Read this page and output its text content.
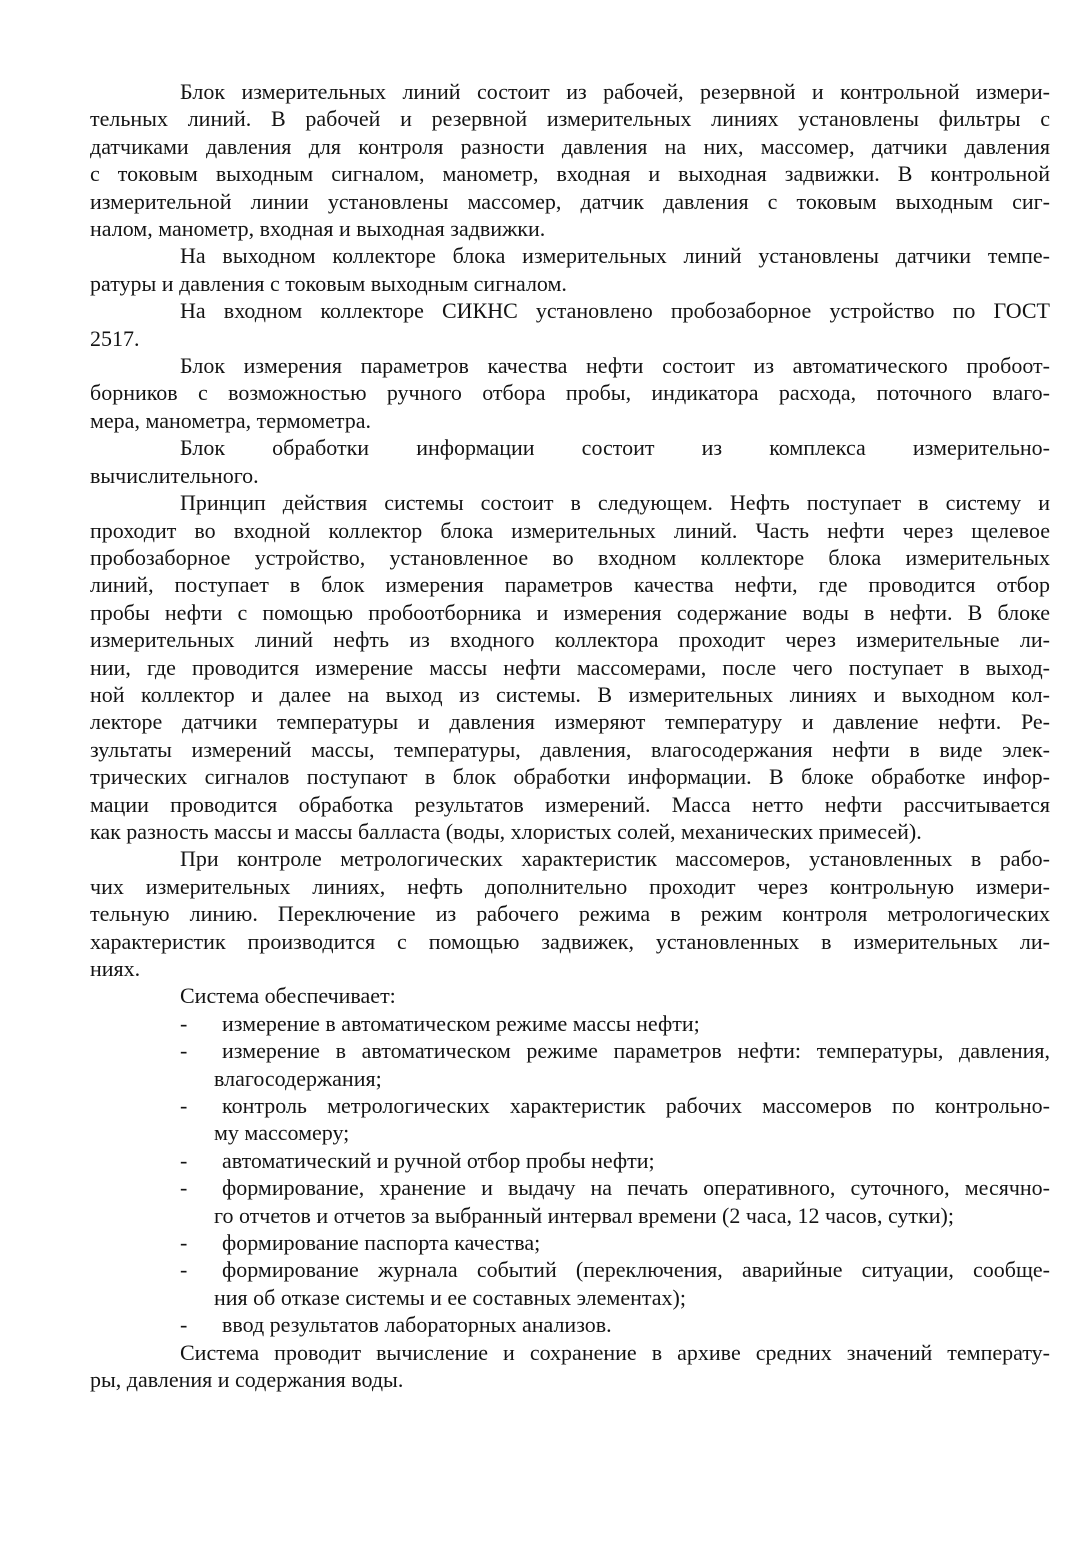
Блок измерительных линий состоит из рабочей, резервной и контрольной измери-
тельных линий. В рабочей и резервной измерительных линиях установлены фильтры с
датчиками давления для контроля разности давления на них, массомер, датчики давления
с токовым выходным сигналом, манометр, входная и выходная задвижки. В контрольной
измерительной линии установлены массомер, датчик давления с токовым выходным сиг-
налом, манометр, входная и выходная задвижки.
На выходном коллекторе блока измерительных линий установлены датчики темпе-
ратуры и давления с токовым выходным сигналом.
На входном коллекторе СИКНС установлено пробозаборное устройство по ГОСТ
2517.
Блок измерения параметров качества нефти состоит из автоматического пробоот-
борников с возможностью ручного отбора пробы, индикатора расхода, поточного влаго-
мера, манометра, термометра.
Блок обработки информации состоит из комплекса измерительно-
вычислительного.
Принцип действия системы состоит в следующем. Нефть поступает в систему и
проходит во входной коллектор блока измерительных линий. Часть нефти через щелевое
пробозаборное устройство, установленное во входном коллекторе блока измерительных
линий, поступает в блок измерения параметров качества нефти, где проводится отбор
пробы нефти с помощью пробоотборника и измерения содержание воды в нефти. В блоке
измерительных линий нефть из входного коллектора проходит через измерительные ли-
нии, где проводится измерение массы нефти массомерами, после чего поступает в выход-
ной коллектор и далее на выход из системы. В измерительных линиях и выходном кол-
лекторе датчики температуры и давления измеряют температуру и давление нефти. Ре-
зультаты измерений массы, температуры, давления, влагосодержания нефти в виде элек-
трических сигналов поступают в блок обработки информации. В блоке обработке инфор-
мации проводится обработка результатов измерений. Масса нетто нефти рассчитывается
как разность массы и массы балласта (воды, хлористых солей, механических примесей).
При контроле метрологических характеристик массомеров, установленных в рабо-
чих измерительных линиях, нефть дополнительно проходит через контрольную измери-
тельную линию. Переключение из рабочего режима в режим контроля метрологических
характеристик производится с помощью задвижек, установленных в измерительных ли-
ниях.
Система обеспечивает:
- измерение в автоматическом режиме массы нефти;
- измерение в автоматическом режиме параметров нефти: температуры, давления,
влагосодержания;
- контроль метрологических характеристик рабочих массомеров по контрольно-
му массомеру;
- автоматический и ручной отбор пробы нефти;
- формирование, хранение и выдачу на печать оперативного, суточного, месячно-
го отчетов и отчетов за выбранный интервал времени (2 часа, 12 часов, сутки);
- формирование паспорта качества;
- формирование журнала событий (переключения, аварийные ситуации, сообще-
ния об отказе системы и ее составных элементах);
- ввод результатов лабораторных анализов.
Система проводит вычисление и сохранение в архиве средних значений температу-
ры, давления и содержания воды.
